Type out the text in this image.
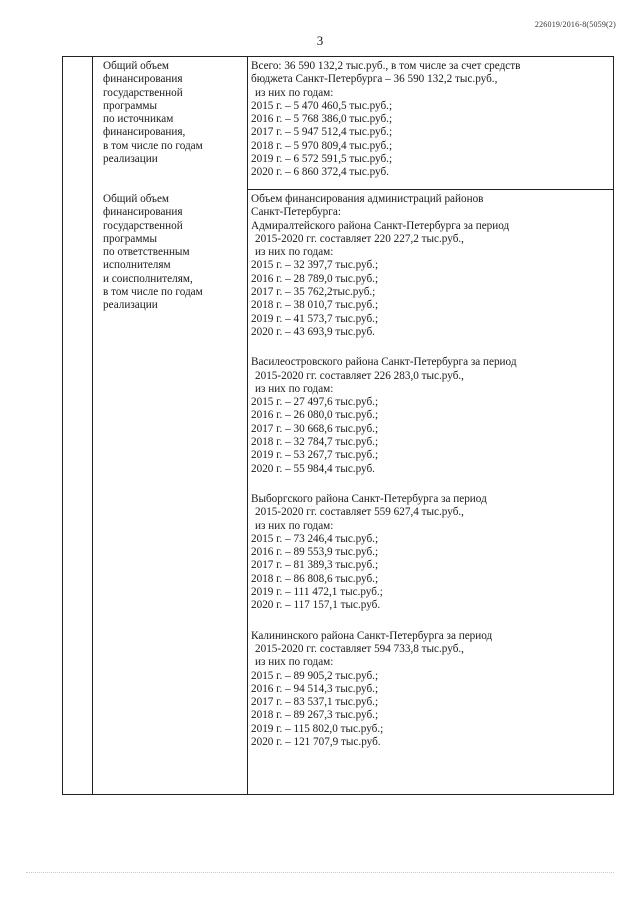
226019/2016-8(5059(2)
3
Общий объем
финансирования
государственной
программы
по источникам
финансирования,
в том числе по годам
реализации
Всего: 36 590 132,2 тыс.руб., в том числе за счет средств
бюджета Санкт-Петербурга – 36 590 132,2 тыс.руб.,
из них по годам:
2015 г. – 5 470 460,5 тыс.руб.;
2016 г. – 5 768 386,0 тыс.руб.;
2017 г. – 5 947 512,4 тыс.руб.;
2018 г. – 5 970 809,4 тыс.руб.;
2019 г. – 6 572 591,5 тыс.руб.;
2020 г. – 6 860 372,4 тыс.руб.
Общий объем
финансирования
государственной
программы
по ответственным
исполнителям
и соисполнителям,
в том числе по годам
реализации
Объем финансирования администраций районов
Санкт-Петербурга:
Адмиралтейского района Санкт-Петербурга за период
2015-2020 гг. составляет 220 227,2 тыс.руб.,
из них по годам:
2015 г. – 32 397,7 тыс.руб.;
2016 г. – 28 789,0 тыс.руб.;
2017 г. – 35 762,2тыс.руб.;
2018 г. – 38 010,7 тыс.руб.;
2019 г. – 41 573,7 тыс.руб.;
2020 г. – 43 693,9 тыс.руб.
Василеостровского района Санкт-Петербурга за период
2015-2020 гг. составляет 226 283,0 тыс.руб.,
из них по годам:
2015 г. – 27 497,6 тыс.руб.;
2016 г. – 26 080,0 тыс.руб.;
2017 г. – 30 668,6 тыс.руб.;
2018 г. – 32 784,7 тыс.руб.;
2019 г. – 53 267,7 тыс.руб.;
2020 г. – 55 984,4 тыс.руб.
Выборгского района Санкт-Петербурга за период
2015-2020 гг. составляет 559 627,4 тыс.руб.,
из них по годам:
2015 г. – 73 246,4 тыс.руб.;
2016 г. – 89 553,9 тыс.руб.;
2017 г. – 81 389,3 тыс.руб.;
2018 г. – 86 808,6 тыс.руб.;
2019 г. – 111 472,1 тыс.руб.;
2020 г. – 117 157,1 тыс.руб.
Калининского района Санкт-Петербурга за период
2015-2020 гг. составляет 594 733,8 тыс.руб.,
из них по годам:
2015 г. – 89 905,2 тыс.руб.;
2016 г. – 94 514,3 тыс.руб.;
2017 г. – 83 537,1 тыс.руб.;
2018 г. – 89 267,3 тыс.руб.;
2019 г. – 115 802,0 тыс.руб.;
2020 г. – 121 707,9 тыс.руб.
